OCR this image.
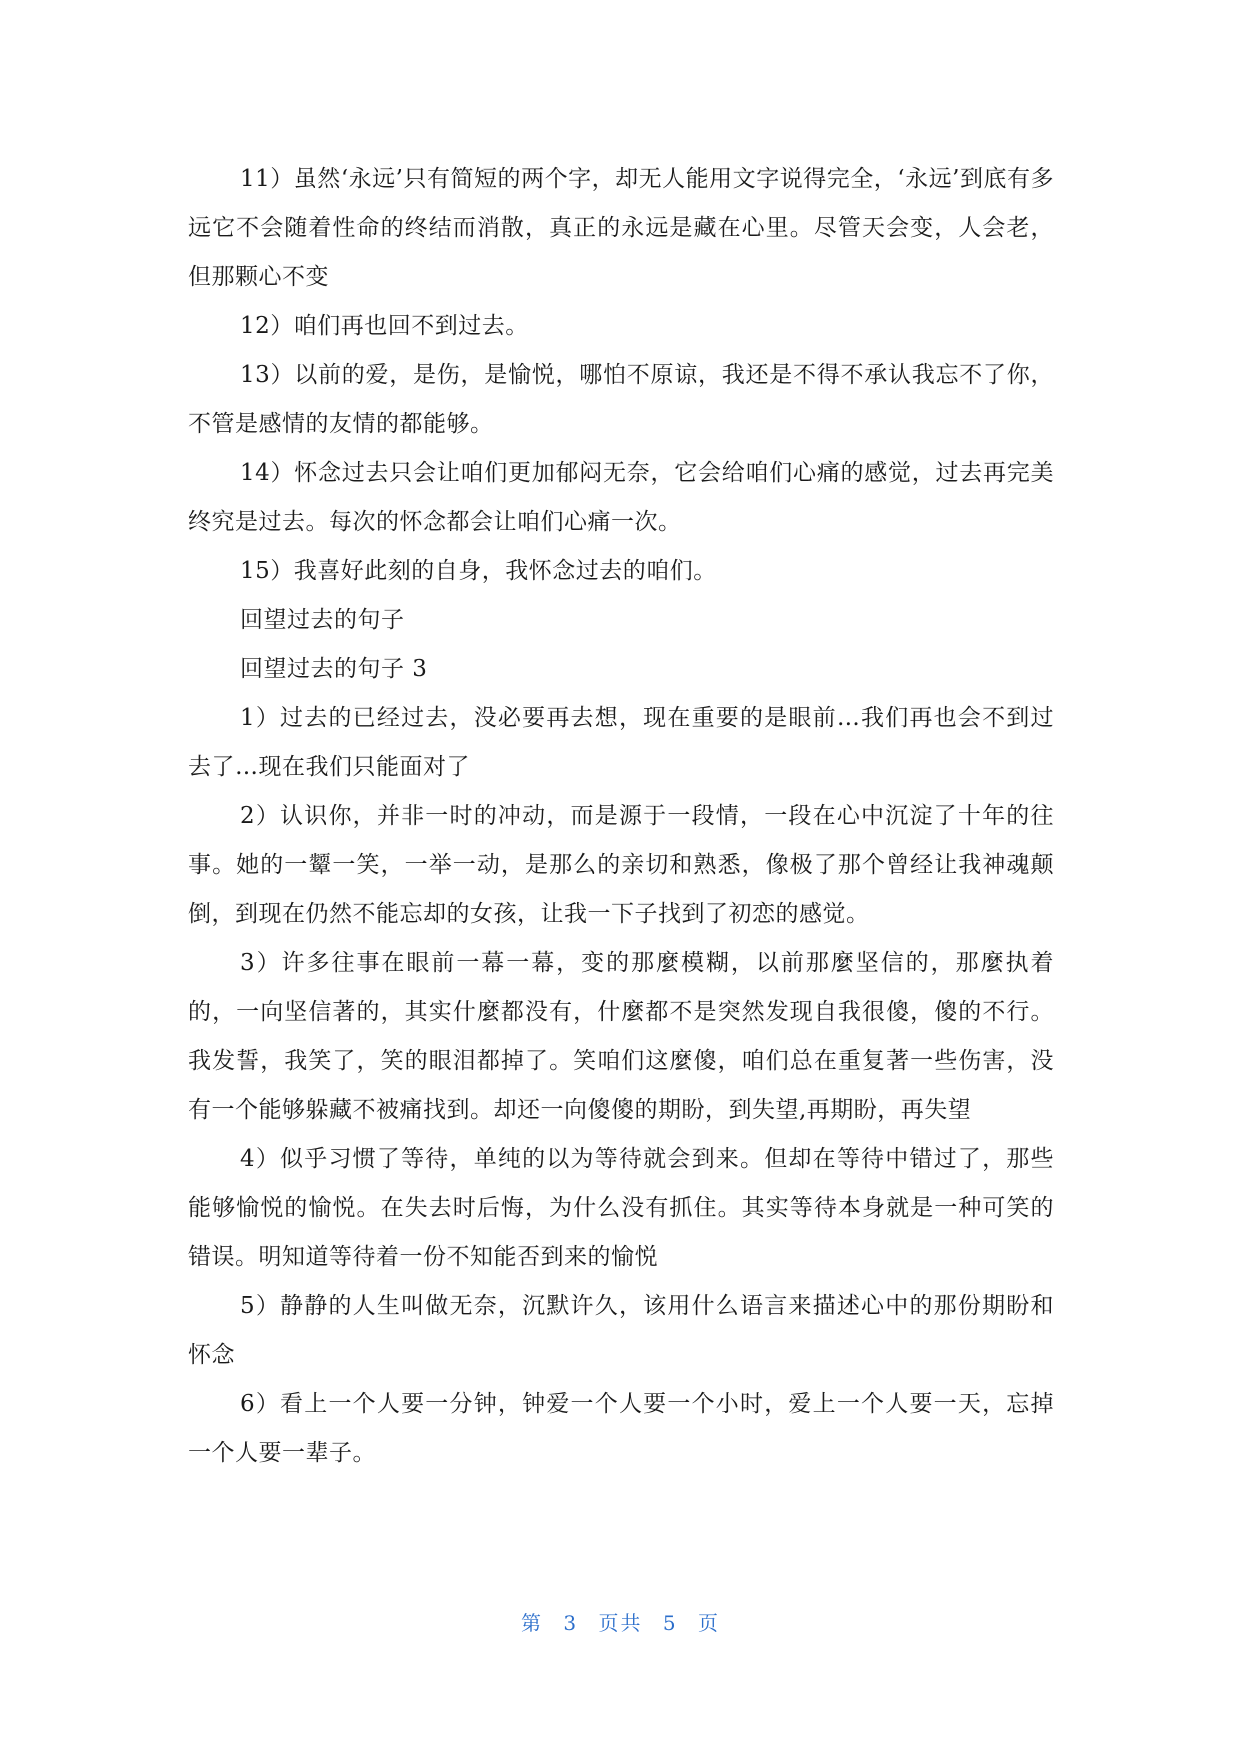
11）虽然‘永远’只有简短的两个字，却无人能用文字说得完全，‘永远’到底有多远它不会随着性命的终结而消散，真正的永远是藏在心里。尽管天会变，人会老，但那颗心不变

12）咱们再也回不到过去。

13）以前的爱，是伤，是愉悦，哪怕不原谅，我还是不得不承认我忘不了你，不管是感情的友情的都能够。

14）怀念过去只会让咱们更加郁闷无奈，它会给咱们心痛的感觉，过去再完美终究是过去。每次的怀念都会让咱们心痛一次。

15）我喜好此刻的自身，我怀念过去的咱们。

回望过去的句子

回望过去的句子 3

1）过去的已经过去，没必要再去想，现在重要的是眼前…我们再也会不到过去了…现在我们只能面对了

2）认识你，并非一时的冲动，而是源于一段情，一段在心中沉淀了十年的往事。她的一颦一笑，一举一动，是那么的亲切和熟悉，像极了那个曾经让我神魂颠倒，到现在仍然不能忘却的女孩，让我一下子找到了初恋的感觉。

3）许多往事在眼前一幕一幕，变的那麼模糊，以前那麼坚信的，那麼执着的，一向坚信著的，其实什麼都没有，什麼都不是突然发现自我很傻，傻的不行。我发誓，我笑了，笑的眼泪都掉了。笑咱们这麼傻，咱们总在重复著一些伤害，没有一个能够躲藏不被痛找到。却还一向傻傻的期盼，到失望,再期盼，再失望

4）似乎习惯了等待，单纯的以为等待就会到来。但却在等待中错过了，那些能够愉悦的愉悦。在失去时后悔，为什么没有抓住。其实等待本身就是一种可笑的错误。明知道等待着一份不知能否到来的愉悦

5）静静的人生叫做无奈，沉默许久，该用什么语言来描述心中的那份期盼和怀念

6）看上一个人要一分钟，钟爱一个人要一个小时，爱上一个人要一天，忘掉一个人要一辈子。

第 3 页共 5 页
